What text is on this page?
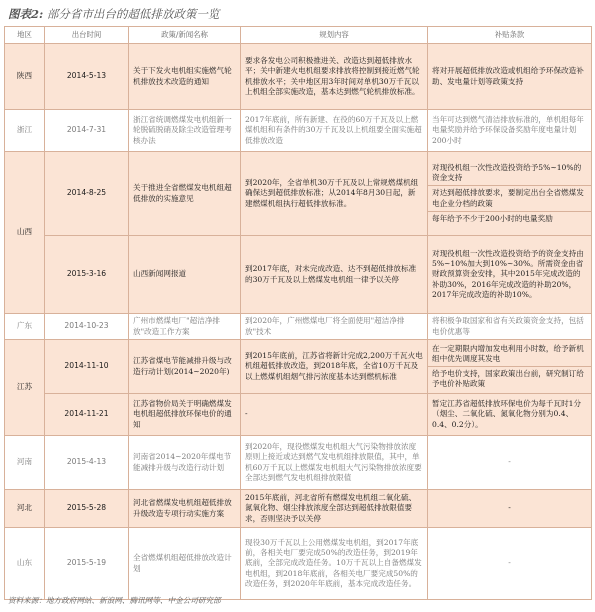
图表2: 部分省市出台的超低排放政策一览
地区	出台时间	政策/新闻名称	规划内容	补贴条款
陕西	2014-5-13	关于下发火电机组实施燃气轮机排放技术改造的通知	要求各发电公司积极推进关、改造达到超低排放水平；关中新建火电机组要求排放将控制到接近燃气轮机排放水平；关中地区用3年时间对单机30万千瓦以上机组全部实施改造，基本达到燃气轮机排放标准。	将对开展超低排放改造或机组给予环保改造补助、发电量计划等政策支持
浙江	2014-7-31	浙江省统调燃煤发电机组新一轮脱硫脱硝及除尘改造管理考核办法	2017年底前，所有新建、在役的60万千瓦及以上燃煤机组和有条件的30万千瓦及以上机组要全面实施超低排放改造	当年可达到燃气清洁排放标准的，单机组每年电量奖励并给予环保设备奖励年度电量计划200小时
山西	2014-8-25	关于推进全省燃煤发电机组超低排放的实施意见	到2020年，全省单机30万千瓦及以上常规燃煤机组确保达到超低排放标准；从2014年8月30日起，新建燃煤机组执行超低排放标准。	对现役机组一次性改造投资给予5%~10%的资金支持
对达到超低排放要求，要制定出台全省燃煤发电企业分档的政策
每年给予不少于200小时的电量奖励

	2015-3-16	山西新闻网报道	到2017年底，对未完成改造、达不到超低排放标准的30万千瓦及以上燃煤发电机组一律予以关停	对现役机组一次性改造投资给予的资金支持由5%~10%加大到10%~30%。所需资金由省财政预算资金安排，其中2015年完成改造的补助30%，2016年完成改造的补助20%，2017年完成改造的补助10%。
广东	2014-10-23	广州市燃煤电厂"超洁净排放"改造工作方案	到2020年，广州燃煤电厂将全面使用"超洁净排放"技术	将积极争取国家和省有关政策资金支持，包括电价优惠等
江苏	2014-11-10	江苏省煤电节能减排升级与改造行动计划(2014~2020年)	到2015年底前，江苏省将新计完成2,200万千瓦火电机组超低排放改造，到2018年底，全省10万千瓦及以上燃煤机组烟气排污浓度基本达到燃机标准	在一定期限内增加发电利用小时数，给予新机组中优先调度其发电
给予电价支持，国家政策出台前，研究制订给予电价补贴政策

	2014-11-21	江苏省物价局关于明确燃煤发电机组超低排放环保电价的通知	-	暂定江苏省超低排放环保电价为每千瓦时1分（烟尘、二氧化硫、氮氧化物分别为0.4、0.4、0.2分）。
河南	2015-4-13	河南省2014~2020年煤电节能减排升级与改造行动计划	到2020年，现役燃煤发电机组大气污染物排放浓度原则上接近或达到燃气发电机组排放限值，其中，单机60万千瓦以上燃煤发电机组大气污染物排放浓度要全部达到燃气发电机组排放限值	-
河北	2015-5-28	河北省燃煤发电机组超低排放升级改造专项行动实施方案	2015年底前，河北省所有燃煤发电机组二氧化硫、氮氧化物、烟尘排放浓度全部达到超低排放限值要求，否则坚决予以关停	-
山东	2015-5-19	全省燃煤机组超低排放改造计划	现役30万千瓦以上公用燃煤发电机组，到2017年底前，各相关电厂要完成50%的改造任务，到2019年底前，全部完成改造任务。10万千瓦以上自备燃煤发电机组，到2018年底前，各相关电厂要完成50%的改造任务，到2020年年底前，基本完成改造任务。	-
资料来源：地方政府网站、新浪网、腾讯网等、中金公司研究部
